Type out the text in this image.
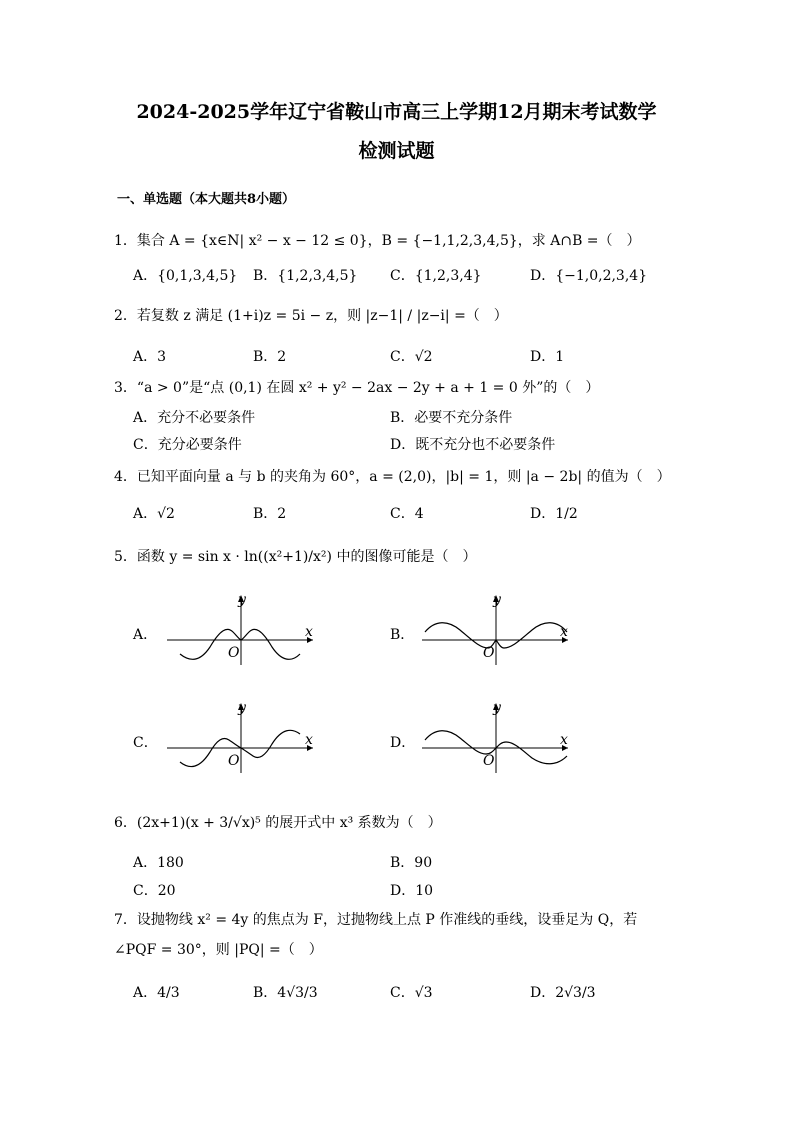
2024-2025学年辽宁省鞍山市高三上学期12月期末考试数学
检测试题
一、单选题（本大题共8小题）
1．集合 A = {x∈N| x² − x − 12 ≤ 0}，B = {−1,1,2,3,4,5}，求 A∩B =（　）
A．{0,1,3,4,5} B．{1,2,3,4,5} C．{1,2,3,4}	D．{−1,0,2,3,4}
2．若复数 z 满足 (1+i)z = 5i − z，则 |z−1| / |z−i| =（　）
A．3	B．2	C．√2	D．1
3．“a > 0”是“点 (0,1) 在圆 x² + y² − 2ax − 2y + a + 1 = 0 外”的（　）
A．充分不必要条件	B．必要不充分条件
C．充分必要条件	D．既不充分也不必要条件
4．已知平面向量 a 与 b 的夹角为 60°，a = (2,0)，|b| = 1，则 |a − 2b| 的值为（　）
A．√2	B．2	C．4	D．1/2
5．函数 y = sin x · ln((x²+1)/x²) 中的图像可能是（　）
A．
y
x
O
B．
y
x
O
C．
y
x
O
D．
y
x
O
6．(2x+1)(x + 3/√x)⁵ 的展开式中 x³ 系数为（　）
A．180	B．90
C．20	D．10
7．设抛物线 x² = 4y 的焦点为 F，过抛物线上点 P 作准线的垂线，设垂足为 Q，若
∠PQF = 30°，则 |PQ| =（　）
A．4/3	B．4√3/3	C．√3	D．2√3/3
